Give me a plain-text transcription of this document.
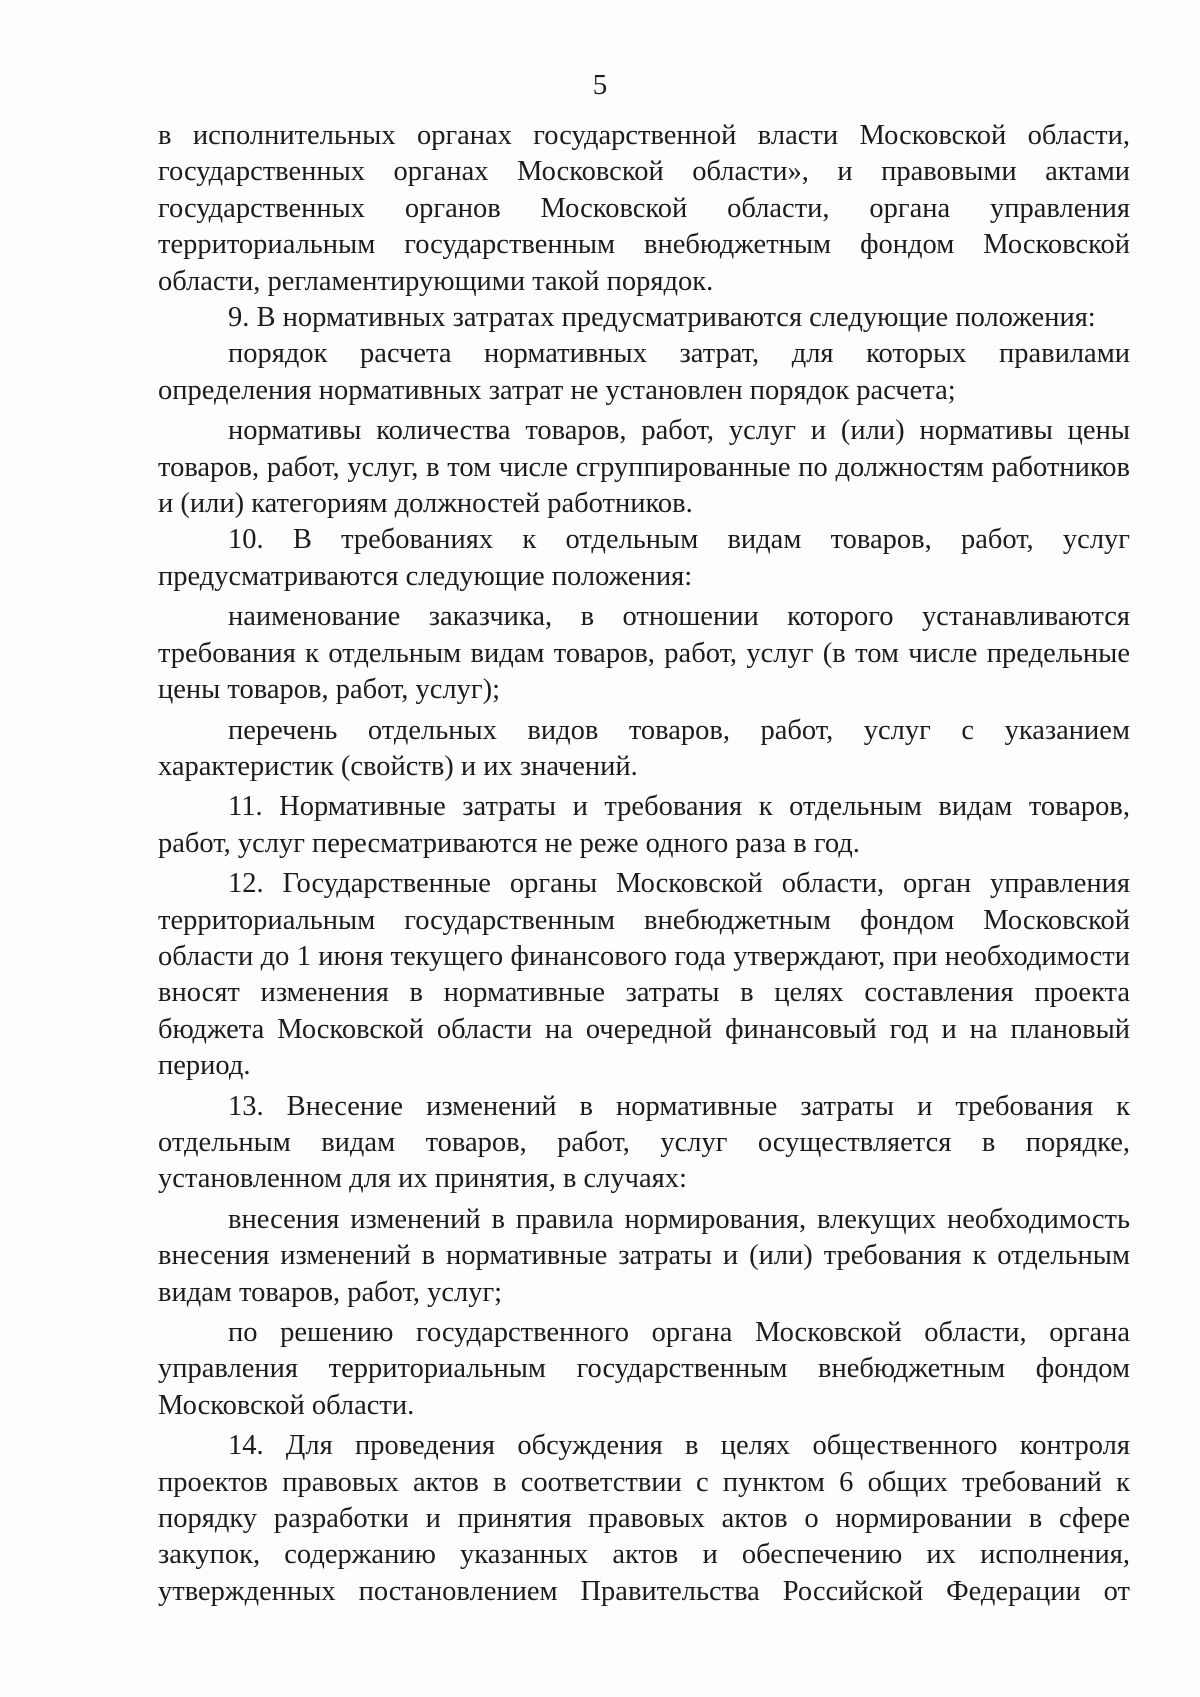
5

в исполнительных органах государственной власти Московской области, государственных органах Московской области», и правовыми актами государственных органов Московской области, органа управления территориальным государственным внебюджетным фондом Московской области, регламентирующими такой порядок.

9. В нормативных затратах предусматриваются следующие положения:

порядок расчета нормативных затрат, для которых правилами определения нормативных затрат не установлен порядок расчета;

нормативы количества товаров, работ, услуг и (или) нормативы цены товаров, работ, услуг, в том числе сгруппированные по должностям работников и (или) категориям должностей работников.

10. В требованиях к отдельным видам товаров, работ, услуг предусматриваются следующие положения:

наименование заказчика, в отношении которого устанавливаются требования к отдельным видам товаров, работ, услуг (в том числе предельные цены товаров, работ, услуг);

перечень отдельных видов товаров, работ, услуг с указанием характеристик (свойств) и их значений.

11. Нормативные затраты и требования к отдельным видам товаров, работ, услуг пересматриваются не реже одного раза в год.

12. Государственные органы Московской области, орган управления территориальным государственным внебюджетным фондом Московской области до 1 июня текущего финансового года утверждают, при необходимости вносят изменения в нормативные затраты в целях составления проекта бюджета Московской области на очередной финансовый год и на плановый период.

13. Внесение изменений в нормативные затраты и требования к отдельным видам товаров, работ, услуг осуществляется в порядке, установленном для их принятия, в случаях:

внесения изменений в правила нормирования, влекущих необходимость внесения изменений в нормативные затраты и (или) требования к отдельным видам товаров, работ, услуг;

по решению государственного органа Московской области, органа управления территориальным государственным внебюджетным фондом Московской области.

14. Для проведения обсуждения в целях общественного контроля проектов правовых актов в соответствии с пунктом 6 общих требований к порядку разработки и принятия правовых актов о нормировании в сфере закупок, содержанию указанных актов и обеспечению их исполнения, утвержденных постановлением Правительства Российской Федерации от
